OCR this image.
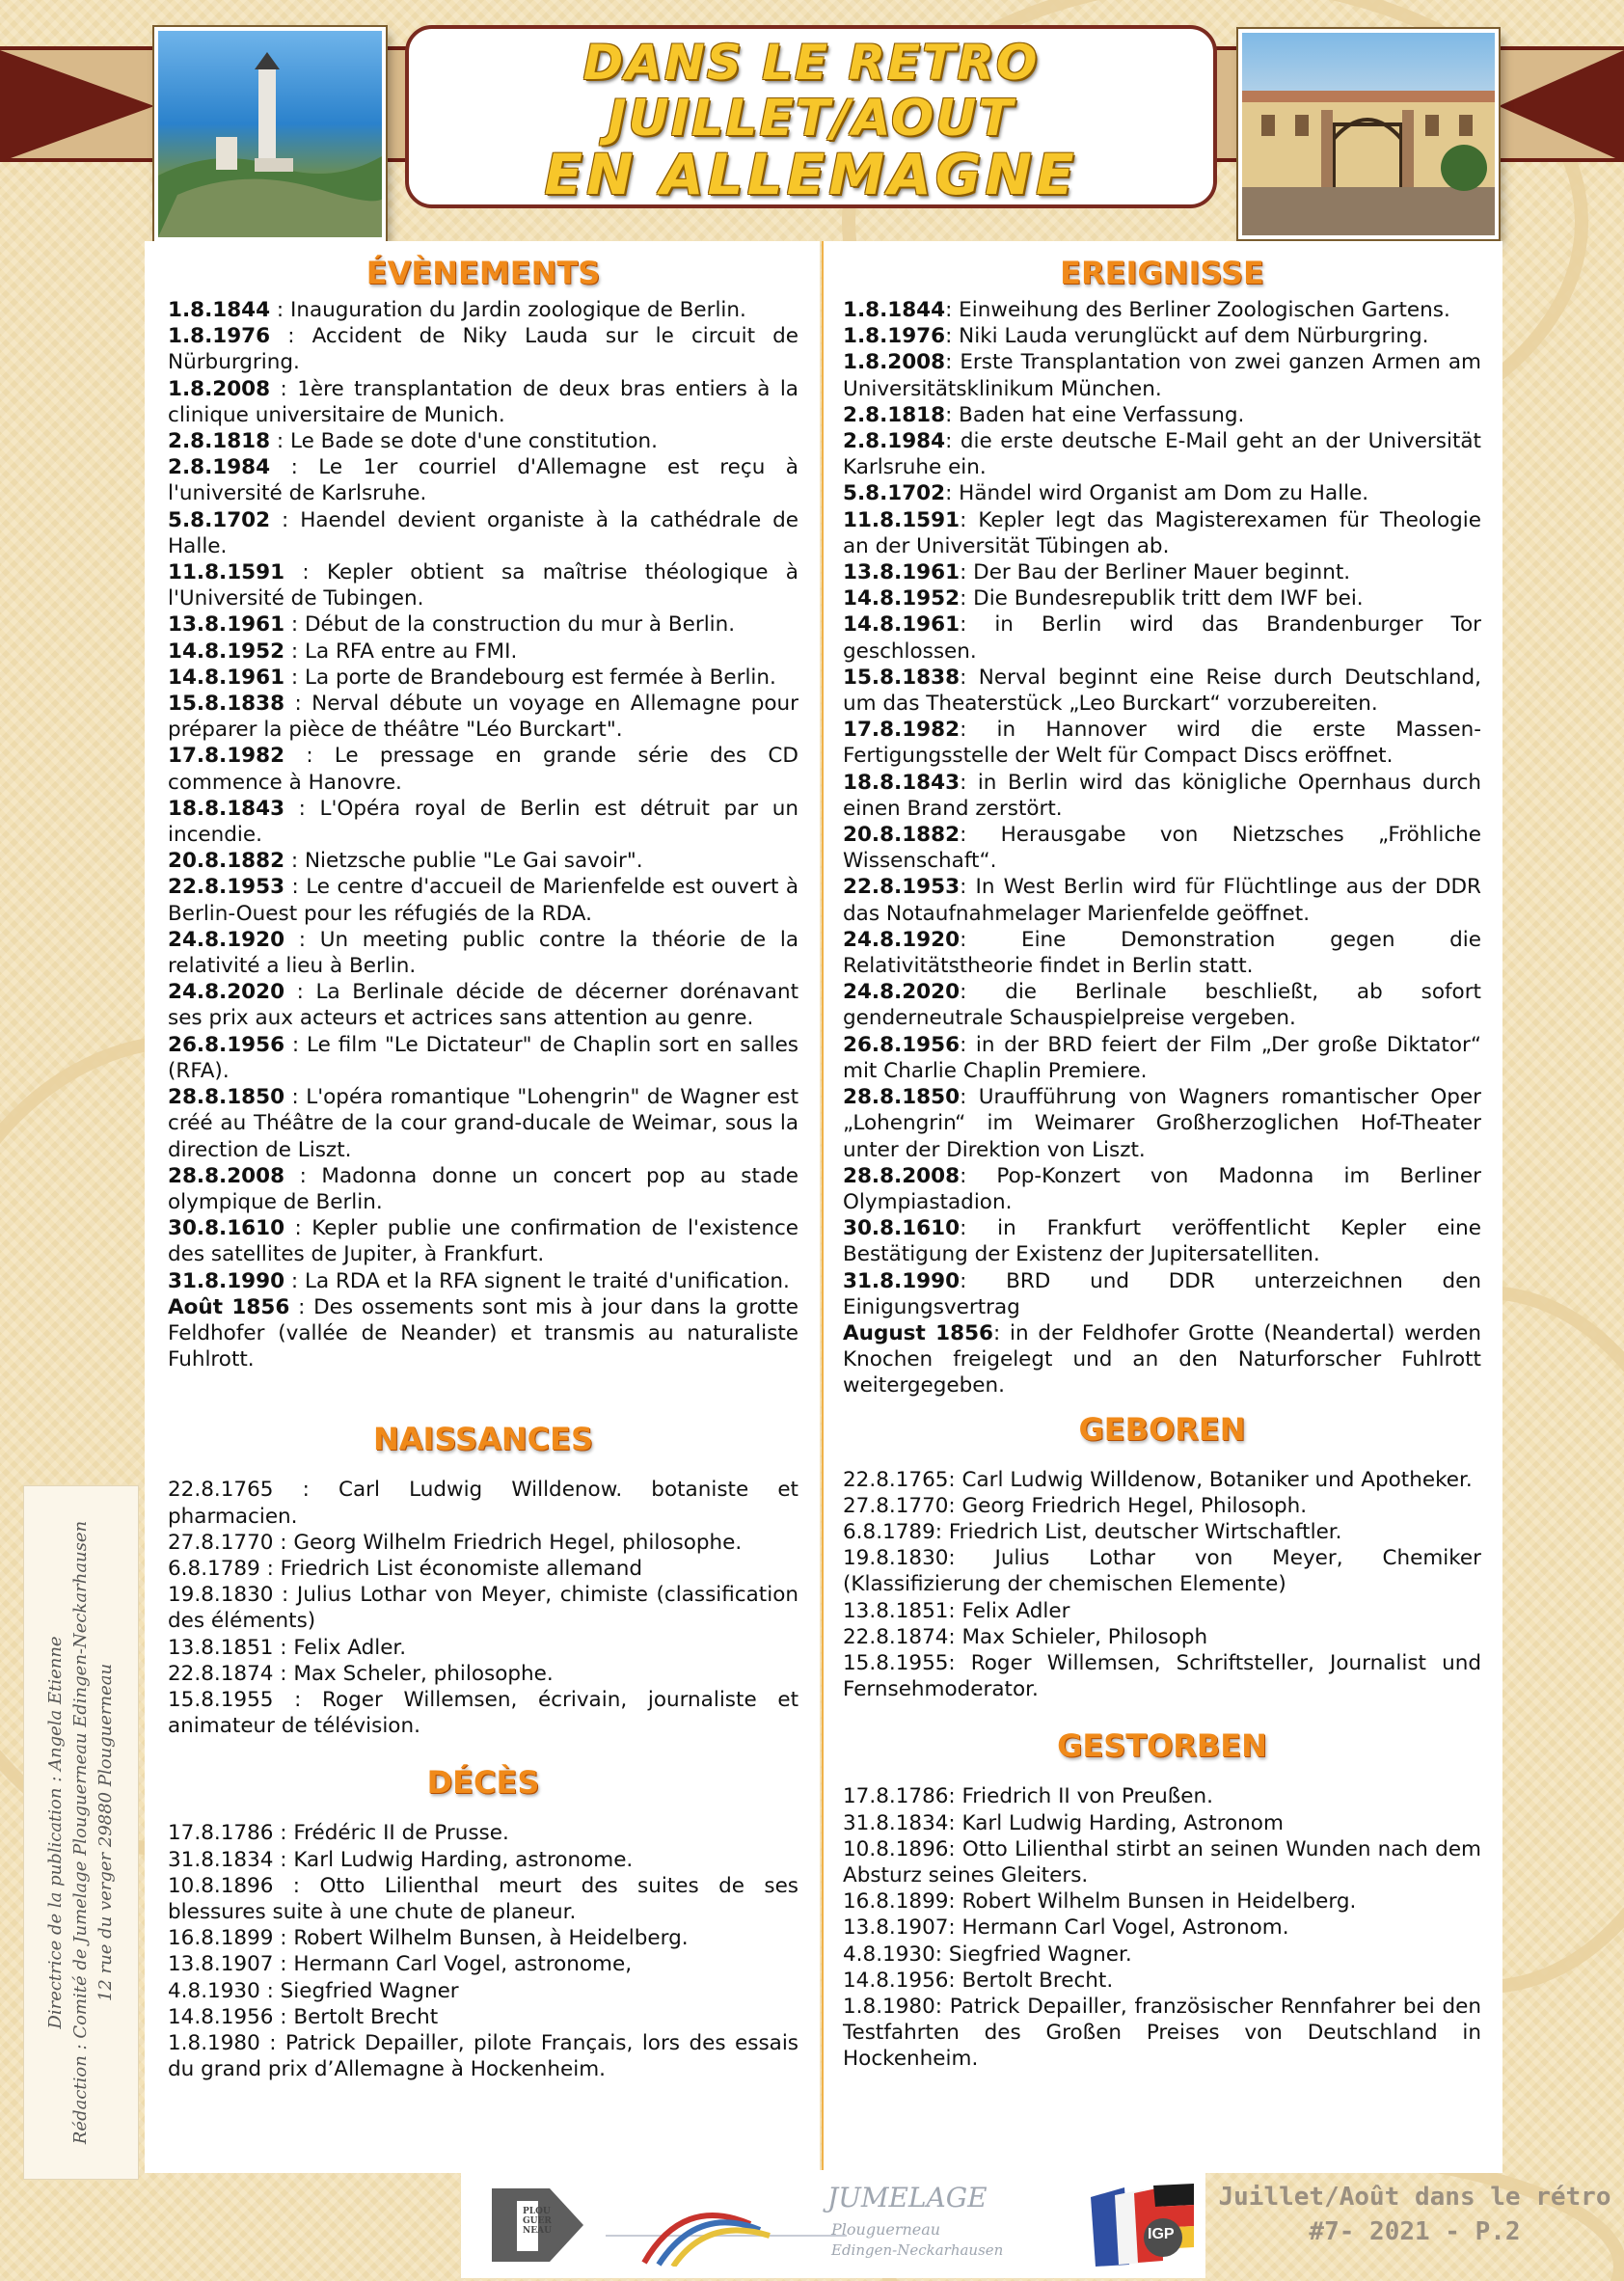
DANS LE RETRO
JUILLET/AOUT
EN ALLEMAGNE
ÉVÈNEMENTS

1.8.1844 : Inauguration du Jardin zoologique de Berlin.

1.8.1976 : Accident de Niky Lauda sur le circuit de Nürburgring.

1.8.2008 : 1ère transplantation de deux bras entiers à la clinique universitaire de Munich.

2.8.1818 : Le Bade se dote d'une constitution.

2.8.1984 : Le 1er courriel d'Allemagne est reçu à l'université de Karlsruhe.

5.8.1702 : Haendel devient organiste à la cathédrale de Halle.

11.8.1591 : Kepler obtient sa maîtrise théologique à l'Université de Tubingen.

13.8.1961 : Début de la construction du mur à Berlin.

14.8.1952 : La RFA entre au FMI.

14.8.1961 : La porte de Brandebourg est fermée à Berlin.

15.8.1838 : Nerval débute un voyage en Allemagne pour préparer la pièce de théâtre "Léo Burckart".

17.8.1982 : Le pressage en grande série des CD commence à Hanovre.

18.8.1843 : L'Opéra royal de Berlin est détruit par un incendie.

20.8.1882 : Nietzsche publie "Le Gai savoir".

22.8.1953 : Le centre d'accueil de Marienfelde est ouvert à Berlin-Ouest pour les réfugiés de la RDA.

24.8.1920 : Un meeting public contre la théorie de la relativité a lieu à Berlin.

24.8.2020 : La Berlinale décide de décerner dorénavant ses prix aux acteurs et actrices sans attention au genre.

26.8.1956 : Le film "Le Dictateur" de Chaplin sort en salles (RFA).

28.8.1850 : L'opéra romantique "Lohengrin" de Wagner est créé au Théâtre de la cour grand-ducale de Weimar, sous la direction de Liszt.

28.8.2008 : Madonna donne un concert pop au stade olympique de Berlin.

30.8.1610 : Kepler publie une confirmation de l'existence des satellites de Jupiter, à Frankfurt.

31.8.1990 : La RDA et la RFA signent le traité d'unification.

Août 1856 : Des ossements sont mis à jour dans la grotte Feldhofer (vallée de Neander) et transmis au naturaliste Fuhlrott.

NAISSANCES

22.8.1765 : Carl Ludwig Willdenow. botaniste et pharmacien.

27.8.1770 : Georg Wilhelm Friedrich Hegel, philosophe.

6.8.1789 : Friedrich List économiste allemand

19.8.1830 : Julius Lothar von Meyer, chimiste (classification des éléments)

13.8.1851 : Felix Adler.

22.8.1874 : Max Scheler, philosophe.

15.8.1955 : Roger Willemsen, écrivain, journaliste et animateur de télévision.

DÉCÈS

17.8.1786 : Frédéric II de Prusse.

31.8.1834 : Karl Ludwig Harding, astronome.

10.8.1896 : Otto Lilienthal meurt des suites de ses blessures suite à une chute de planeur.

16.8.1899 : Robert Wilhelm Bunsen, à Heidelberg.

13.8.1907 : Hermann Carl Vogel, astronome,

4.8.1930 : Siegfried Wagner

14.8.1956 : Bertolt Brecht

1.8.1980 : Patrick Depailler, pilote Français, lors des essais du grand prix d’Allemagne à Hockenheim.

EREIGNISSE

1.8.1844: Einweihung des Berliner Zoologischen Gartens.

1.8.1976: Niki Lauda verunglückt auf dem Nürburgring.

1.8.2008: Erste Transplantation von zwei ganzen Armen am Universitätsklinikum München.

2.8.1818: Baden hat eine Verfassung.

2.8.1984: die erste deutsche E-Mail geht an der Universität Karlsruhe ein.

5.8.1702: Händel wird Organist am Dom zu Halle.

11.8.1591: Kepler legt das Magisterexamen für Theologie an der Universität Tübingen ab.

13.8.1961: Der Bau der Berliner Mauer beginnt.

14.8.1952: Die Bundesrepublik tritt dem IWF bei.

14.8.1961: in Berlin wird das Brandenburger Tor geschlossen.

15.8.1838: Nerval beginnt eine Reise durch Deutschland, um das Theaterstück „Leo Burckart“ vorzubereiten.

17.8.1982: in Hannover wird die erste Massen-Fertigungsstelle der Welt für Compact Discs eröffnet.

18.8.1843: in Berlin wird das königliche Opernhaus durch einen Brand zerstört.

20.8.1882: Herausgabe von Nietzsches „Fröhliche Wissenschaft“.

22.8.1953: In West Berlin wird für Flüchtlinge aus der DDR das Notaufnahmelager Marienfelde geöffnet.

24.8.1920: Eine Demonstration gegen die Relativitätstheorie findet in Berlin statt.

24.8.2020: die Berlinale beschließt, ab sofort genderneutrale Schauspielpreise vergeben.

26.8.1956: in der BRD feiert der Film „Der große Diktator“ mit Charlie Chaplin Premiere.

28.8.1850: Uraufführung von Wagners romantischer Oper „Lohengrin“ im Weimarer Großherzoglichen Hof-Theater unter der Direktion von Liszt.

28.8.2008: Pop-Konzert von Madonna im Berliner Olympiastadion.

30.8.1610: in Frankfurt veröffentlicht Kepler eine Bestätigung der Existenz der Jupitersatelliten.

31.8.1990: BRD und DDR unterzeichnen den Einigungsvertrag

August 1856: in der Feldhofer Grotte (Neandertal) werden Knochen freigelegt und an den Naturforscher Fuhlrott weitergegeben.

GEBOREN

22.8.1765: Carl Ludwig Willdenow, Botaniker und Apotheker.

27.8.1770: Georg Friedrich Hegel, Philosoph.

6.8.1789: Friedrich List, deutscher Wirtschaftler.

19.8.1830: Julius Lothar von Meyer, Chemiker (Klassifizierung der chemischen Elemente)

13.8.1851: Felix Adler

22.8.1874: Max Schieler, Philosoph

15.8.1955: Roger Willemsen, Schriftsteller, Journalist und Fernsehmoderator.

GESTORBEN

17.8.1786: Friedrich II von Preußen.

31.8.1834: Karl Ludwig Harding, Astronom

10.8.1896: Otto Lilienthal stirbt an seinen Wunden nach dem Absturz seines Gleiters.

16.8.1899: Robert Wilhelm Bunsen in Heidelberg.

13.8.1907: Hermann Carl Vogel, Astronom.

4.8.1930: Siegfried Wagner.

14.8.1956: Bertolt Brecht.

1.8.1980: Patrick Depailler, französischer Rennfahrer bei den Testfahrten des Großen Preises von Deutschland in Hockenheim.

Directrice de la publication : Angela Etienne Rédaction : Comité de Jumelage Plouguerneau Edingen-Neckarhausen 12 rue du verger 29880 Plouguerneau
PLOU GUER NEAU
JUMELAGE
Plouguerneau
Edingen-Neckarhausen
IGP
Juillet/Août dans le rétro
#7- 2021 - P.2
